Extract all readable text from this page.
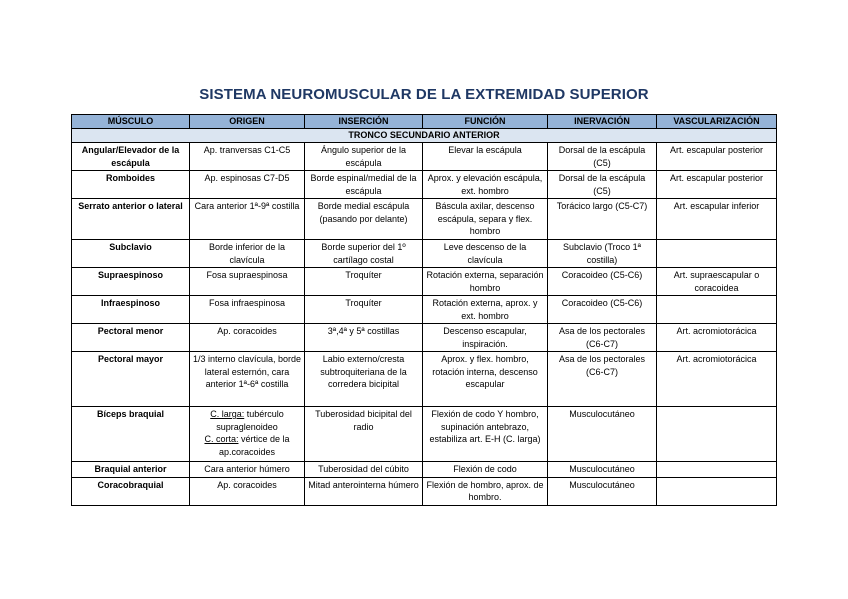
SISTEMA NEUROMUSCULAR DE LA EXTREMIDAD SUPERIOR
MÚSCULO	ORIGEN	INSERCIÓN	FUNCIÓN	INERVACIÓN	VASCULARIZACIÓN
TRONCO SECUNDARIO ANTERIOR					
Angular/Elevador de la escápula	Ap. tranversas C1-C5	Ángulo superior de la escápula	Elevar la escápula	Dorsal de la escápula (C5)	Art. escapular posterior
Romboides	Ap. espinosas C7-D5	Borde espinal/medial de la escápula	Aprox. y elevación escápula, ext. hombro	Dorsal de la escápula (C5)	Art. escapular posterior
Serrato anterior o lateral	Cara anterior 1ª-9ª costilla	Borde medial escápula (pasando por delante)	Báscula axilar, descenso escápula, separa y flex. hombro	Torácico largo (C5-C7)	Art. escapular inferior
Subclavio	Borde inferior de la clavícula	Borde superior del 1º cartílago costal	Leve descenso de la clavícula	Subclavio (Troco 1ª costilla)	
Supraespinoso	Fosa supraespinosa	Troquíter	Rotación externa, separación hombro	Coracoideo (C5-C6)	Art. supraescapular o coracoidea
Infraespinoso	Fosa infraespinosa	Troquíter	Rotación externa, aprox. y ext. hombro	Coracoideo (C5-C6)	
Pectoral menor	Ap. coracoides	3ª,4ª y 5ª costillas	Descenso escapular, inspiración.	Asa de los pectorales (C6-C7)	Art. acromiotorácica
Pectoral mayor	1/3 interno clavícula, borde lateral esternón, cara anterior 1ª-6ª costilla	Labio externo/cresta subtroquiteriana de la corredera bicipital	Aprox. y flex. hombro, rotación interna, descenso escapular	Asa de los pectorales (C6-C7)	Art. acromiotorácica
Bíceps braquial	C. larga: tubérculo supraglenoideo
C. corta: vértice de la ap.coracoides	Tuberosidad bicipital del radio	Flexión de codo Y hombro, supinación antebrazo, estabiliza art. E-H (C. larga)	Musculocutáneo	
Braquial anterior	Cara anterior húmero	Tuberosidad del cúbito	Flexión de codo	Musculocutáneo	
Coracobraquial	Ap. coracoides	Mitad anterointerna húmero	Flexión de hombro, aprox. de hombro.	Musculocutáneo	
